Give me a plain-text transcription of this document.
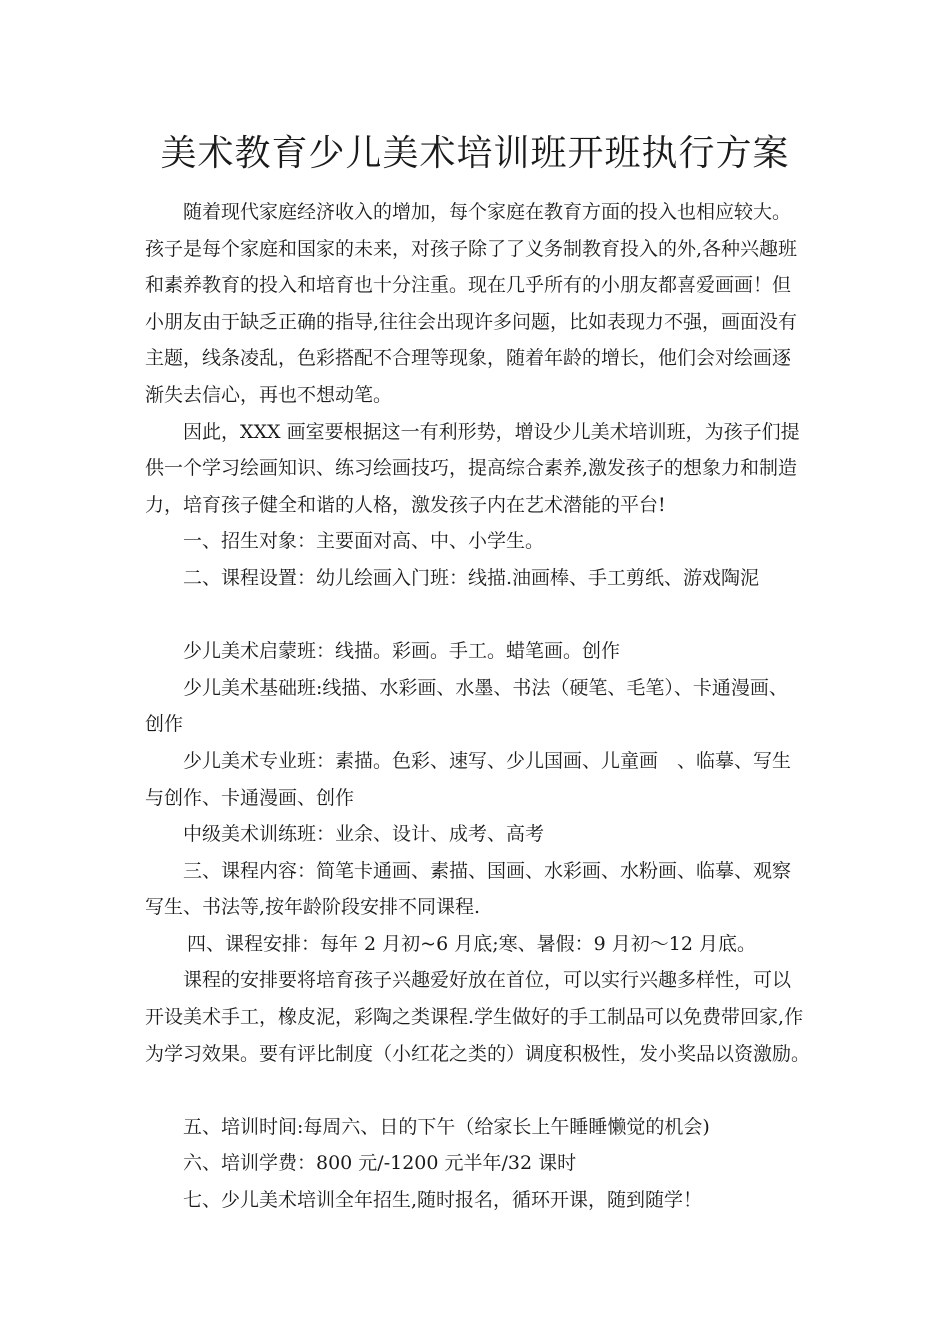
美术教育少儿美术培训班开班执行方案
随着现代家庭经济收入的增加，每个家庭在教育方面的投入也相应较大。
孩子是每个家庭和国家的未来，对孩子除了了义务制教育投入的外,各种兴趣班
和素养教育的投入和培育也十分注重。现在几乎所有的小朋友都喜爱画画！但
小朋友由于缺乏正确的指导,往往会出现许多问题，比如表现力不强，画面没有
主题，线条凌乱，色彩搭配不合理等现象，随着年龄的增长，他们会对绘画逐
渐失去信心，再也不想动笔。
因此，XXX 画室要根据这一有利形势，增设少儿美术培训班，为孩子们提
供一个学习绘画知识、练习绘画技巧，提高综合素养,激发孩子的想象力和制造
力，培育孩子健全和谐的人格，激发孩子内在艺术潜能的平台!
一、招生对象：主要面对高、中、小学生。
二、课程设置：幼儿绘画入门班：线描.油画棒、手工剪纸、游戏陶泥
少儿美术启蒙班：线描。彩画。手工。蜡笔画。创作
少儿美术基础班:线描、水彩画、水墨、书法（硬笔、毛笔）、卡通漫画、
创作
少儿美术专业班：素描。色彩、速写、少儿国画、儿童画　、临摹、写生
与创作、卡通漫画、创作
中级美术训练班：业余、设计、成考、高考
三、课程内容：简笔卡通画、素描、国画、水彩画、水粉画、临摹、观察
写生、书法等,按年龄阶段安排不同课程.
四、课程安排：每年 2 月初~6 月底;寒、暑假：9 月初～12 月底。
课程的安排要将培育孩子兴趣爱好放在首位，可以实行兴趣多样性，可以
开设美术手工，橡皮泥，彩陶之类课程.学生做好的手工制品可以免费带回家,作
为学习效果。要有评比制度（小红花之类的）调度积极性，发小奖品以资激励。
五、培训时间:每周六、日的下午（给家长上午睡睡懒觉的机会)
六、培训学费：800 元/-1200 元半年/32 课时
七、少儿美术培训全年招生,随时报名，循环开课，随到随学！
